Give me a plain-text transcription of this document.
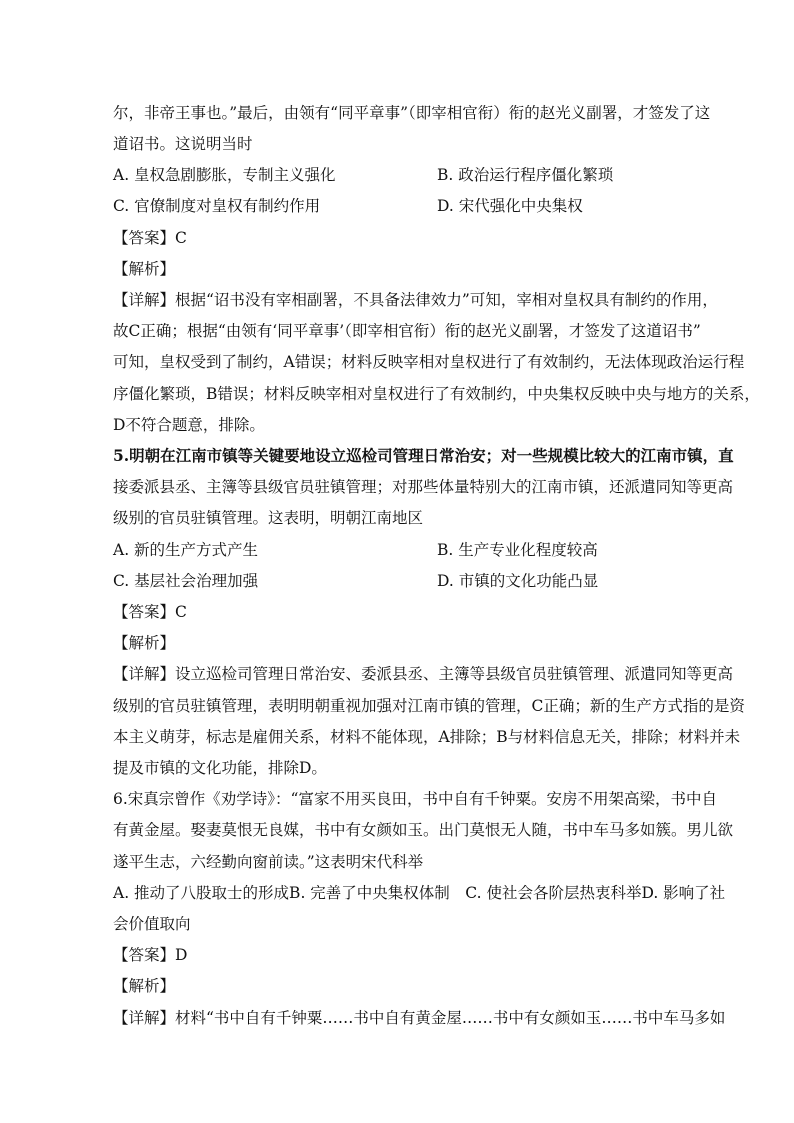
尔，非帝王事也。”最后，由领有“同平章事”（即宰相官衔）衔的赵光义副署，才签发了这
道诏书。这说明当时
A. 皇权急剧膨胀，专制主义强化	B. 政治运行程序僵化繁琐
C. 官僚制度对皇权有制约作用	D. 宋代强化中央集权
【答案】C
【解析】
【详解】根据“诏书没有宰相副署，不具备法律效力”可知，宰相对皇权具有制约的作用，
故C正确；根据“由领有‘同平章事’（即宰相官衔）衔的赵光义副署，才签发了这道诏书”
可知，皇权受到了制约，A错误；材料反映宰相对皇权进行了有效制约，无法体现政治运行程
序僵化繁琐，B错误；材料反映宰相对皇权进行了有效制约，中央集权反映中央与地方的关系，
D不符合题意，排除。
5.明朝在江南市镇等关键要地设立巡检司管理日常治安；对一些规模比较大的江南市镇，直
接委派县丞、主簿等县级官员驻镇管理；对那些体量特别大的江南市镇，还派遣同知等更高
级别的官员驻镇管理。这表明，明朝江南地区
A. 新的生产方式产生	B. 生产专业化程度较高
C. 基层社会治理加强	D. 市镇的文化功能凸显
【答案】C
【解析】
【详解】设立巡检司管理日常治安、委派县丞、主簿等县级官员驻镇管理、派遣同知等更高
级别的官员驻镇管理，表明明朝重视加强对江南市镇的管理，C正确；新的生产方式指的是资
本主义萌芽，标志是雇佣关系，材料不能体现，A排除；B与材料信息无关，排除；材料并未
提及市镇的文化功能，排除D。
6.宋真宗曾作《劝学诗》：“富家不用买良田，书中自有千钟粟。安房不用架高梁，书中自
有黄金屋。娶妻莫恨无良媒，书中有女颜如玉。出门莫恨无人随，书中车马多如簇。男儿欲
遂平生志，六经勤向窗前读。”这表明宋代科举
A. 推动了八股取士的形成B. 完善了中央集权体制　C. 使社会各阶层热衷科举D. 影响了社
会价值取向
【答案】D
【解析】
【详解】材料“书中自有千钟粟……书中自有黄金屋……书中有女颜如玉……书中车马多如
